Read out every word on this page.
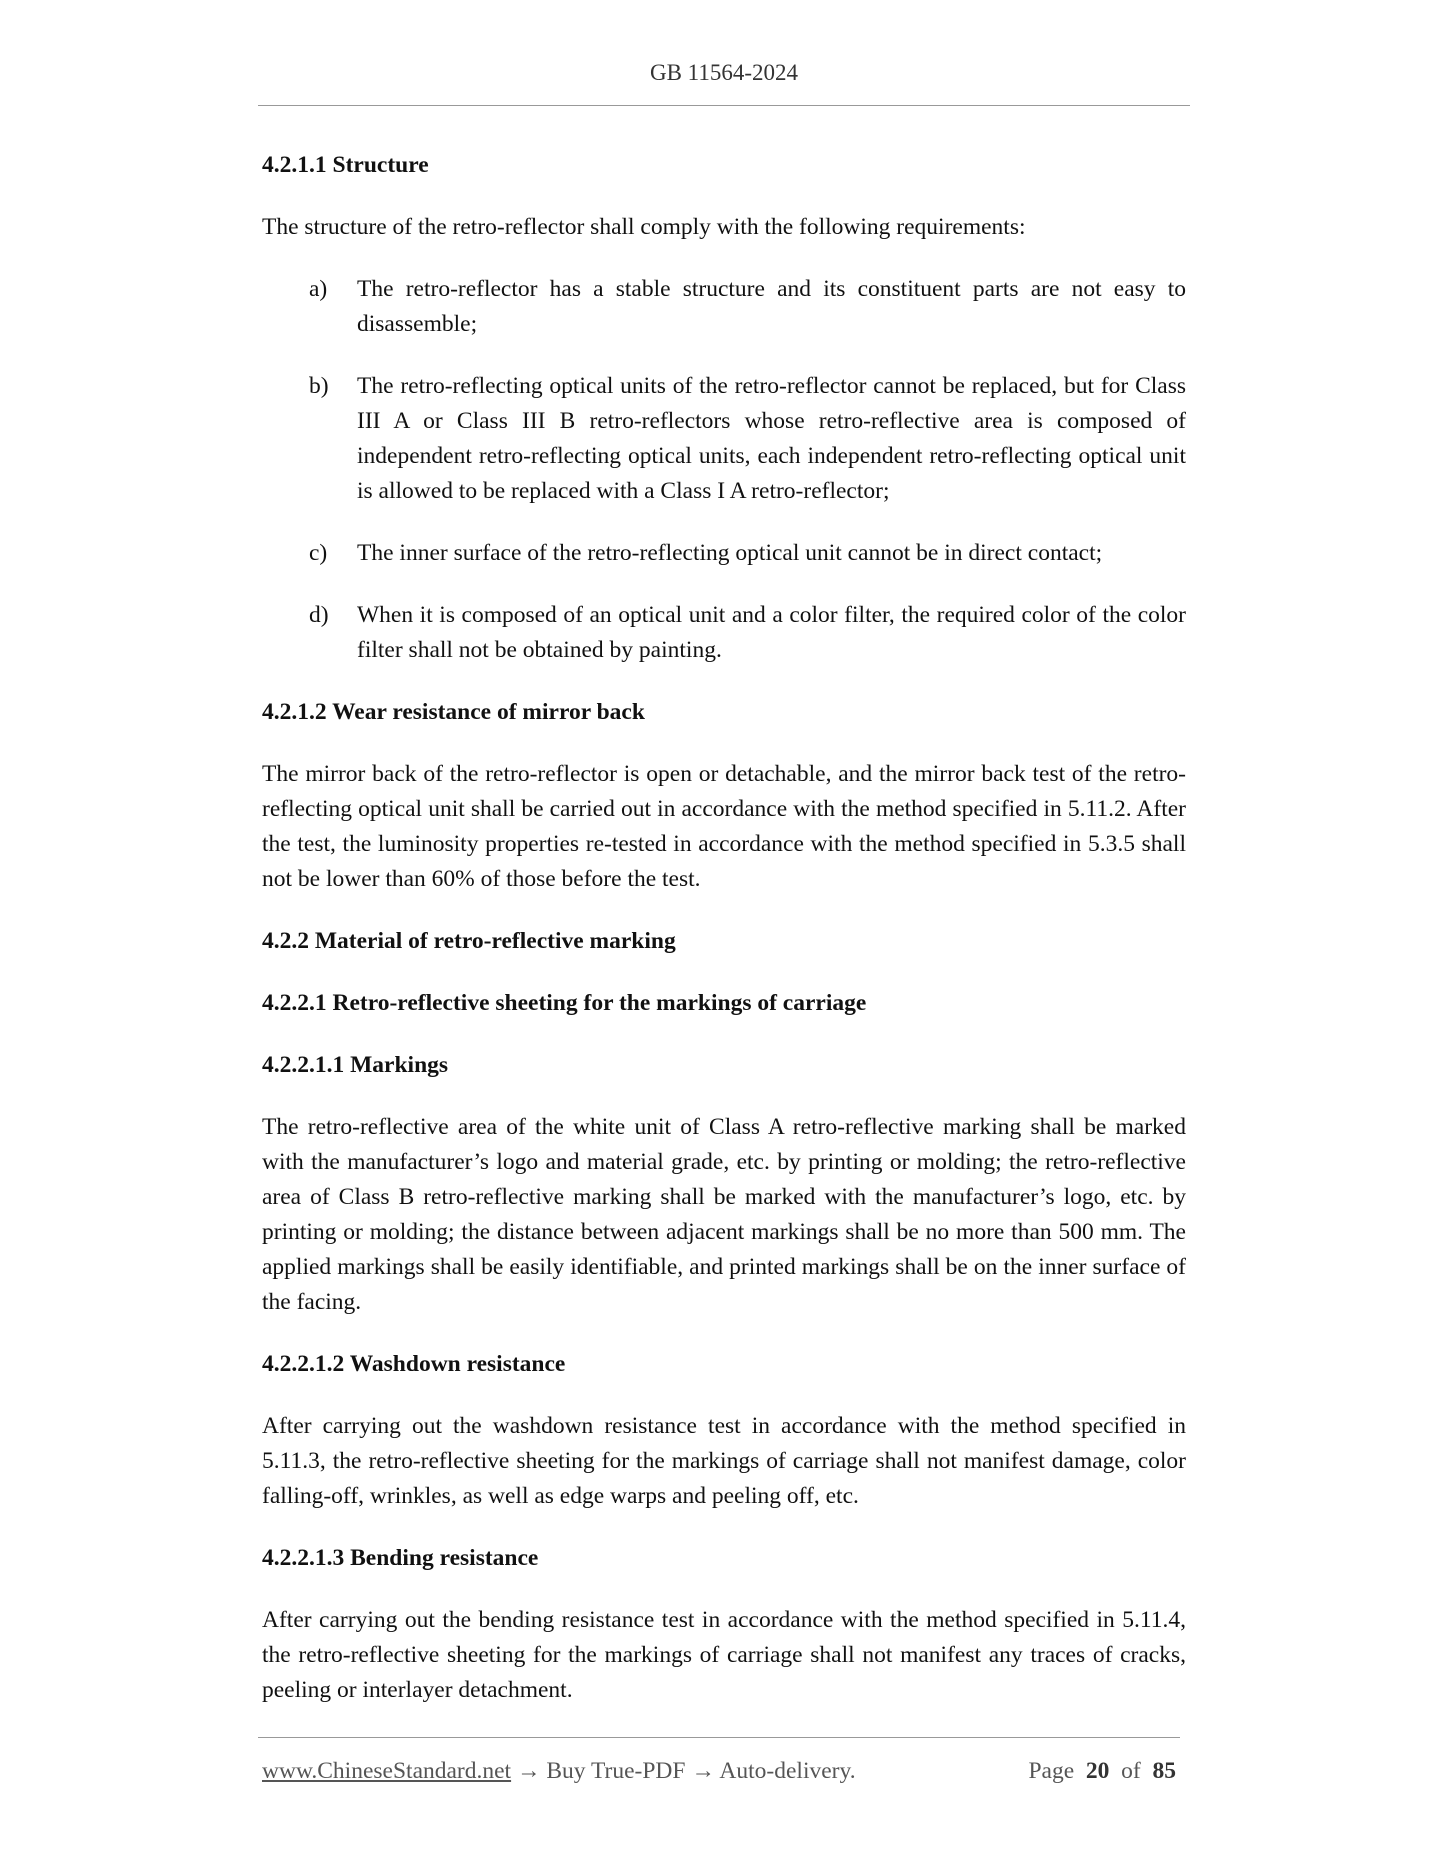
GB 11564-2024
4.2.1.1 Structure

The structure of the retro-reflector shall comply with the following requirements:

a) The retro-reflector has a stable structure and its constituent parts are not easy to disassemble;
b) The retro-reflecting optical units of the retro-reflector cannot be replaced, but for Class III A or Class III B retro-reflectors whose retro-reflective area is composed of independent retro-reflecting optical units, each independent retro-reflecting optical unit is allowed to be replaced with a Class I A retro-reflector;
c) The inner surface of the retro-reflecting optical unit cannot be in direct contact;
d) When it is composed of an optical unit and a color filter, the required color of the color filter shall not be obtained by painting.
4.2.1.2 Wear resistance of mirror back

The mirror back of the retro-reflector is open or detachable, and the mirror back test of the retro-reflecting optical unit shall be carried out in accordance with the method specified in 5.11.2. After the test, the luminosity properties re-tested in accordance with the method specified in 5.3.5 shall not be lower than 60% of those before the test.

4.2.2 Material of retro-reflective marking
4.2.2.1 Retro-reflective sheeting for the markings of carriage
4.2.2.1.1 Markings

The retro-reflective area of the white unit of Class A retro-reflective marking shall be marked with the manufacturer’s logo and material grade, etc. by printing or molding; the retro-reflective area of Class B retro-reflective marking shall be marked with the manufacturer’s logo, etc. by printing or molding; the distance between adjacent markings shall be no more than 500 mm. The applied markings shall be easily identifiable, and printed markings shall be on the inner surface of the facing.

4.2.2.1.2 Washdown resistance

After carrying out the washdown resistance test in accordance with the method specified in 5.11.3, the retro-reflective sheeting for the markings of carriage shall not manifest damage, color falling-off, wrinkles, as well as edge warps and peeling off, etc.

4.2.2.1.3 Bending resistance

After carrying out the bending resistance test in accordance with the method specified in 5.11.4, the retro-reflective sheeting for the markings of carriage shall not manifest any traces of cracks, peeling or interlayer detachment.

www.ChineseStandard.net → Buy True-PDF → Auto-delivery.	Page 20 of 85
